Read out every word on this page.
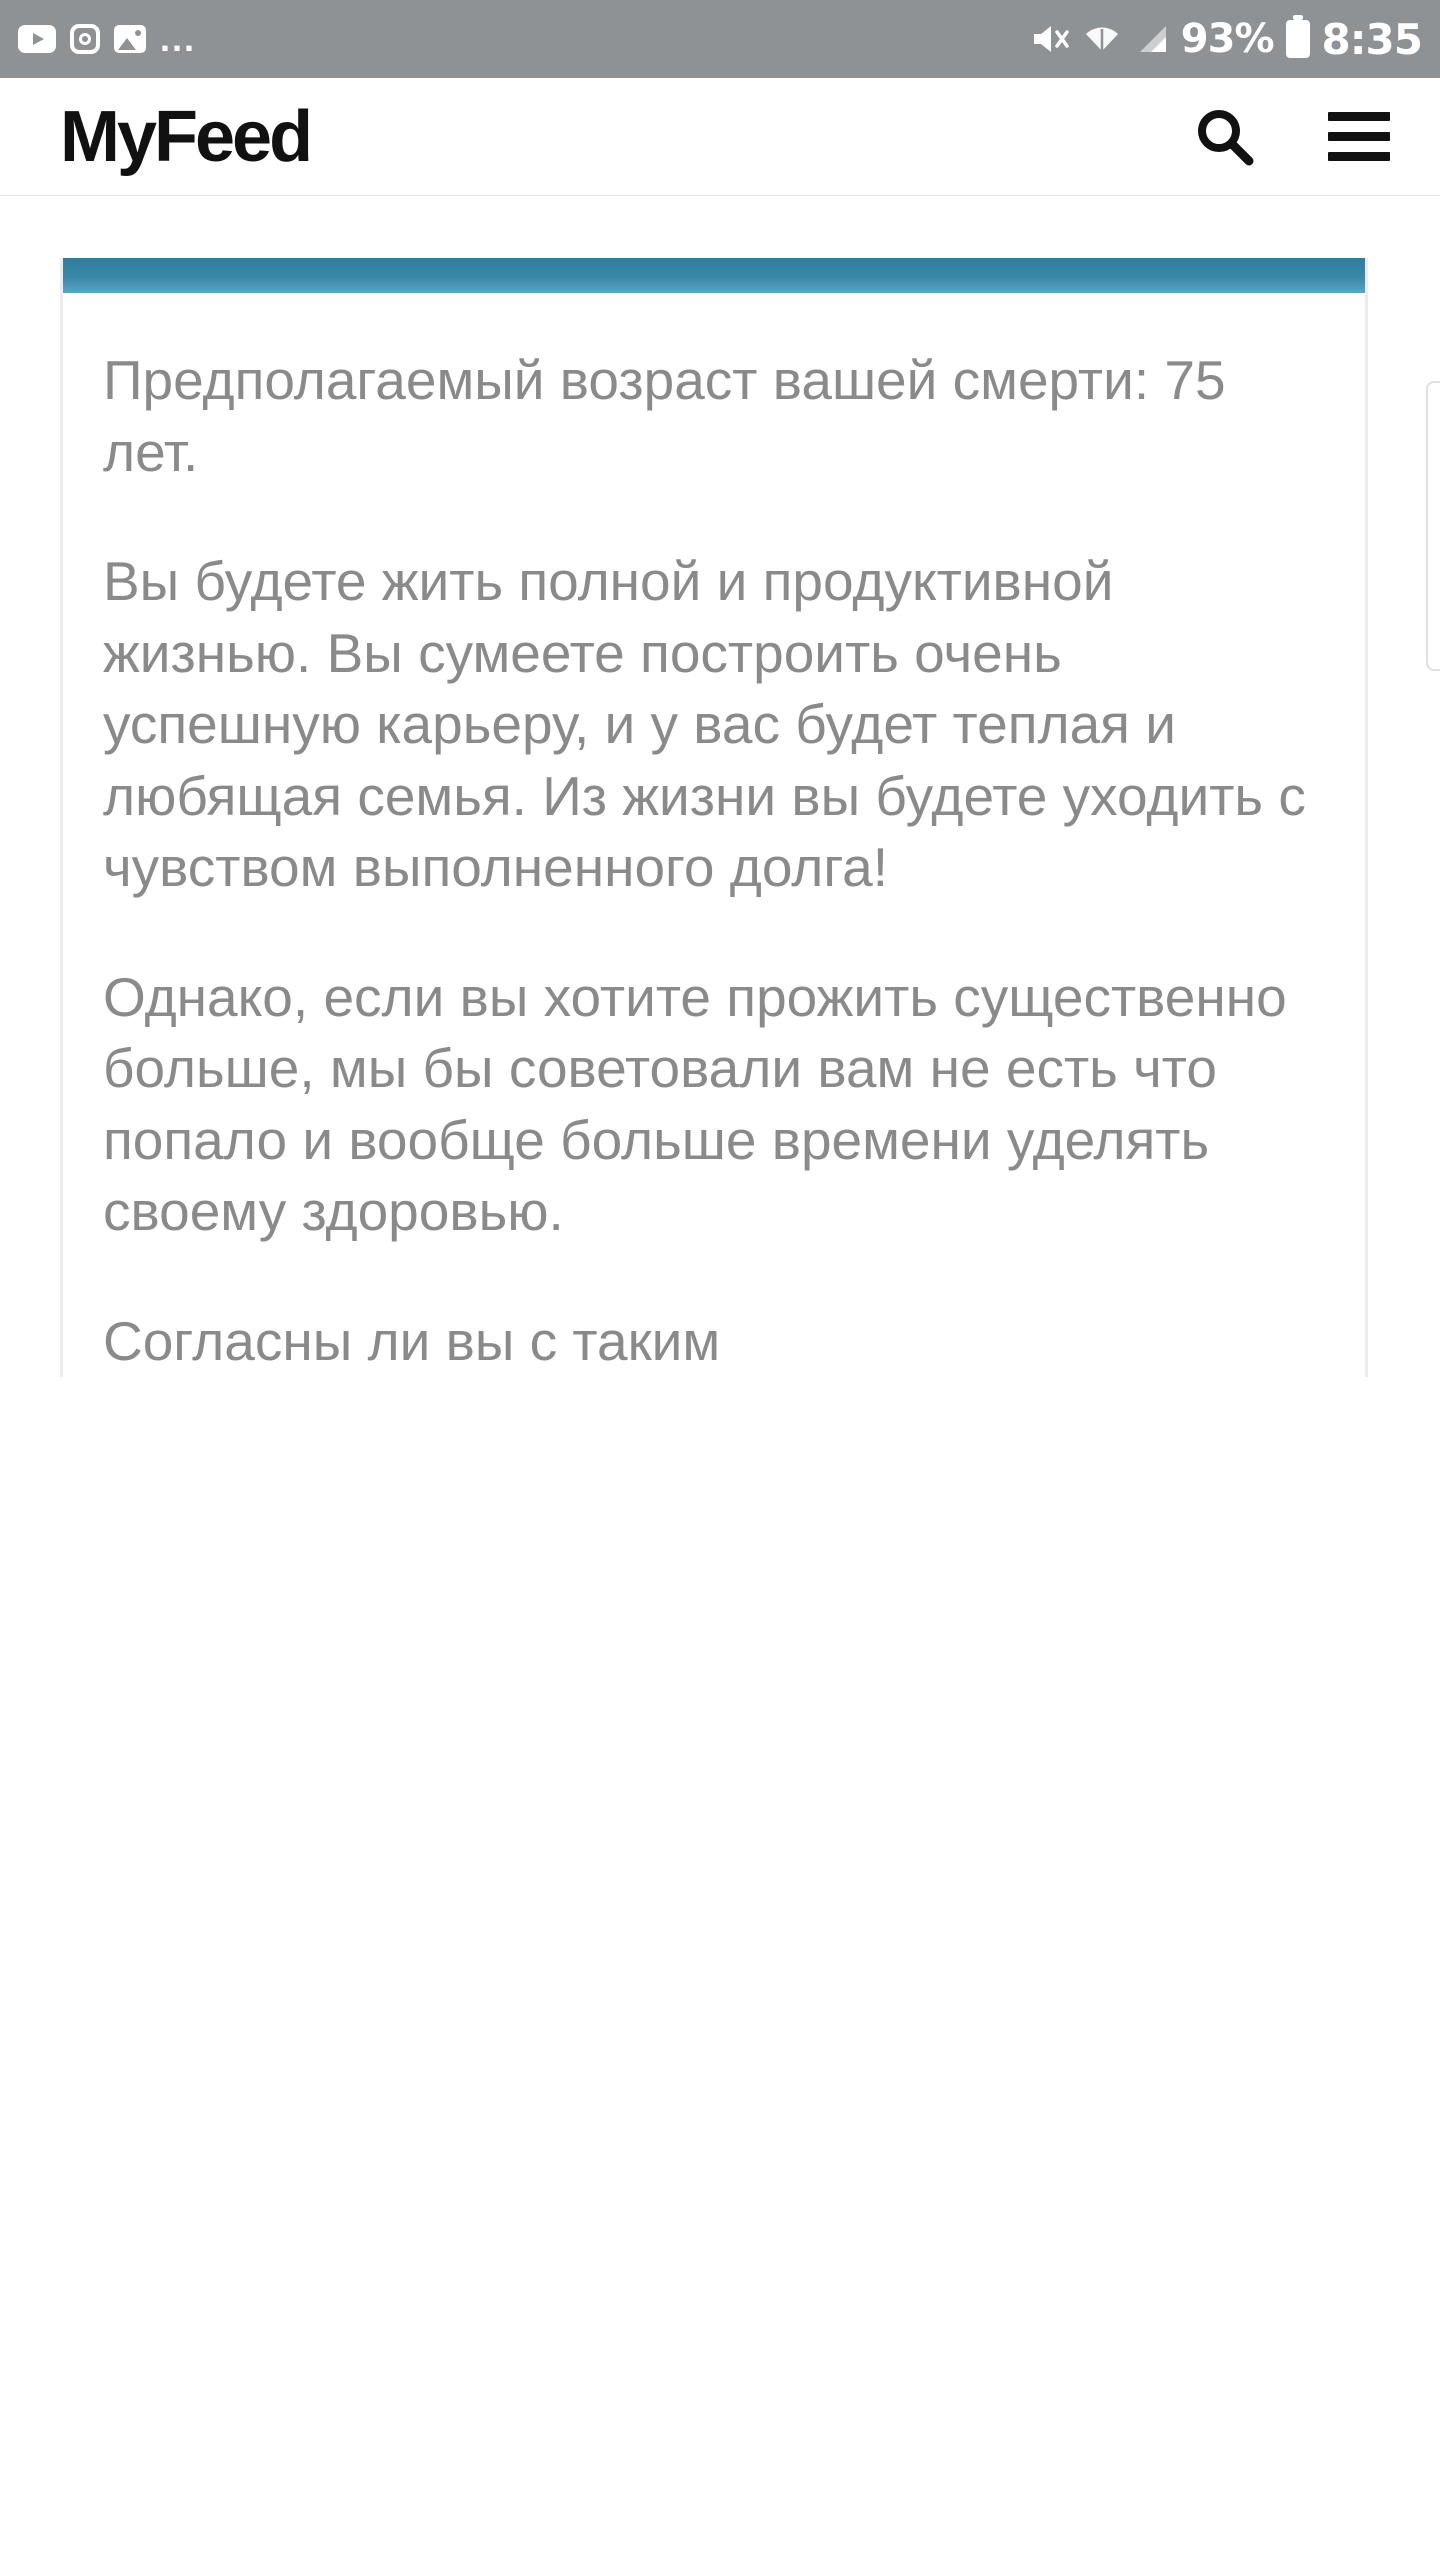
...	93% 8:35
MyFeed

Предполагаемый возраст вашей смерти: 75 лет.

Вы будете жить полной и продуктивной жизнью. Вы сумеете построить очень успешную карьеру, и у вас будет теплая и любящая семья. Из жизни вы будете уходить с чувством выполненного долга!

Однако, если вы хотите прожить существенно больше, мы бы советовали вам не есть что попало и вообще больше времени уделять своему здоровью.

Согласны ли вы с таким
